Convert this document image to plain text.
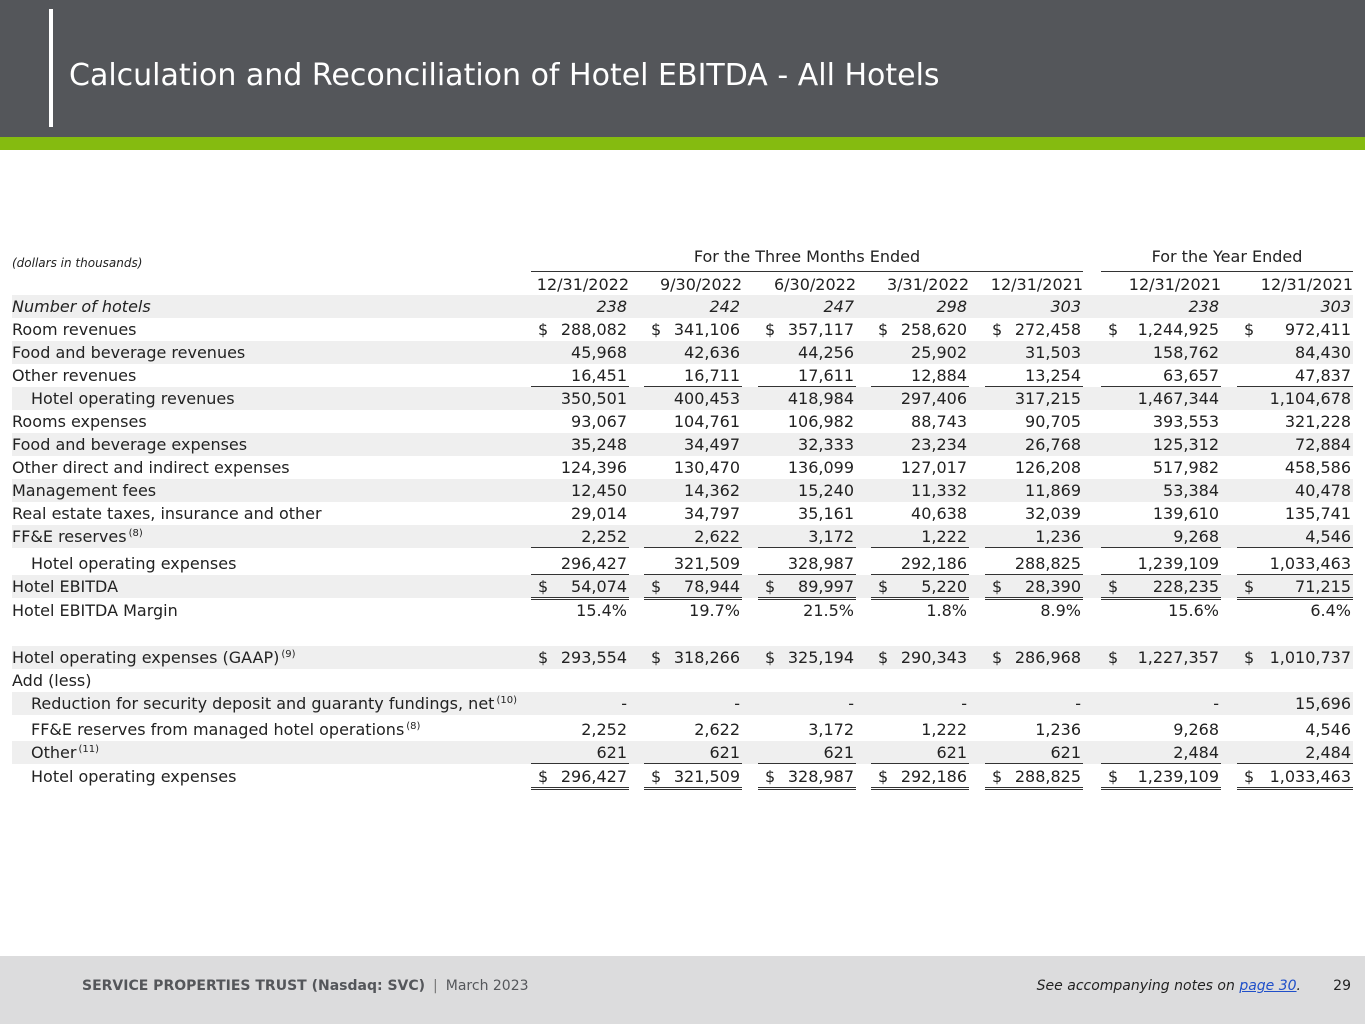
Calculation and Reconciliation of Hotel EBITDA - All Hotels
(dollars in thousands)	For the Three Months Ended	For the Year Ended
12/31/2022	9/30/2022	6/30/2022	3/31/2022	12/31/2021	12/31/2021	12/31/2021
Number of hotels	238	242	247	298	303	238	303
Room revenues	$ 288,082 $ 341,106 $ 357,117 $ 258,620 $ 272,458 $ 1,244,925 $ 972,411
Food and beverage revenues	45,968	42,636	44,256	25,902	31,503	158,762	84,430
Other revenues	16,451	16,711	17,611	12,884	13,254	63,657	47,837
Hotel operating revenues	350,501	400,453	418,984	297,406	317,215	1,467,344	1,104,678
Rooms expenses	93,067	104,761	106,982	88,743	90,705	393,553	321,228
Food and beverage expenses	35,248	34,497	32,333	23,234	26,768	125,312	72,884
Other direct and indirect expenses	124,396	130,470	136,099	127,017	126,208	517,982	458,586
Management fees	12,450	14,362	15,240	11,332	11,869	53,384	40,478
Real estate taxes, insurance and other	29,014	34,797	35,161	40,638	32,039	139,610	135,741
FF&E reserves $^{(8)}$	2,252	2,622	3,172	1,222	1,236	9,268	4,546
Hotel operating expenses	296,427	321,509	328,987	292,186	288,825	1,239,109	1,033,463
Hotel EBITDA	$ 54,074 $ 78,944 $ 89,997 $ 5,220 $ 28,390 $ 228,235 $	71,215
Hotel EBITDA Margin	15.4%	19.7%	21.5%	1.8%	8.9%	15.6%	6.4%
Hotel operating expenses (GAAP) $^{(9)}$	$ 293,554 $ 318,266 $ 325,194 $ 290,343 $ 286,968 $ 1,227,357 $ 1,010,737
Add (less)
Reduction for security deposit and guaranty fundings, net $^{(10)}$	-	-	-	-	-	-	15,696
FF&E reserves from managed hotel operations $^{(8)}$	2,252	2,622	3,172	1,222	1,236	9,268	4,546
Other $^{(11)}$	621	621	621	621	621	2,484	2,484
Hotel operating expenses	$ 296,427 $ 321,509 $ 328,987 $ 292,186 $ 288,825 $ 1,239,109 $ 1,033,463
SERVICE PROPERTIES TRUST (Nasdaq: SVC) | March 2023	See accompanying notes on page 30. 29
